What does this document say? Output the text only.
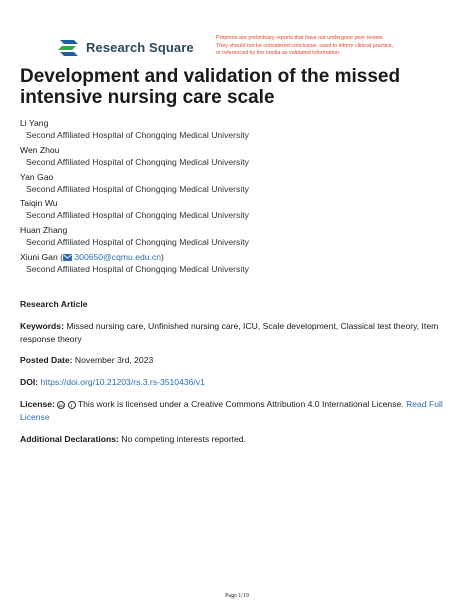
Research Square
Preprints are preliminary reports that have not undergone peer review.
They should not be considered conclusive, used to inform clinical practice,
or referenced by the media as validated information.
Development and validation of the missed intensive nursing care scale
Li Yang
Second Affiliated Hospital of Chongqing Medical University
Wen Zhou
Second Affiliated Hospital of Chongqing Medical University
Yan Gao
Second Affiliated Hospital of Chongqing Medical University
Taiqin Wu
Second Affiliated Hospital of Chongqing Medical University
Huan Zhang
Second Affiliated Hospital of Chongqing Medical University
Xiuni Gan ( 300650@cqmu.edu.cn)
Second Affiliated Hospital of Chongqing Medical University
Research Article
Keywords: Missed nursing care, Unfinished nursing care, ICU, Scale development, Classical test theory, Item response theory
Posted Date: November 3rd, 2023
DOI: https://doi.org/10.21203/rs.3.rs-3510436/v1
License: cc i This work is licensed under a Creative Commons Attribution 4.0 International License. Read Full License
Additional Declarations: No competing interests reported.
Page 1/19
